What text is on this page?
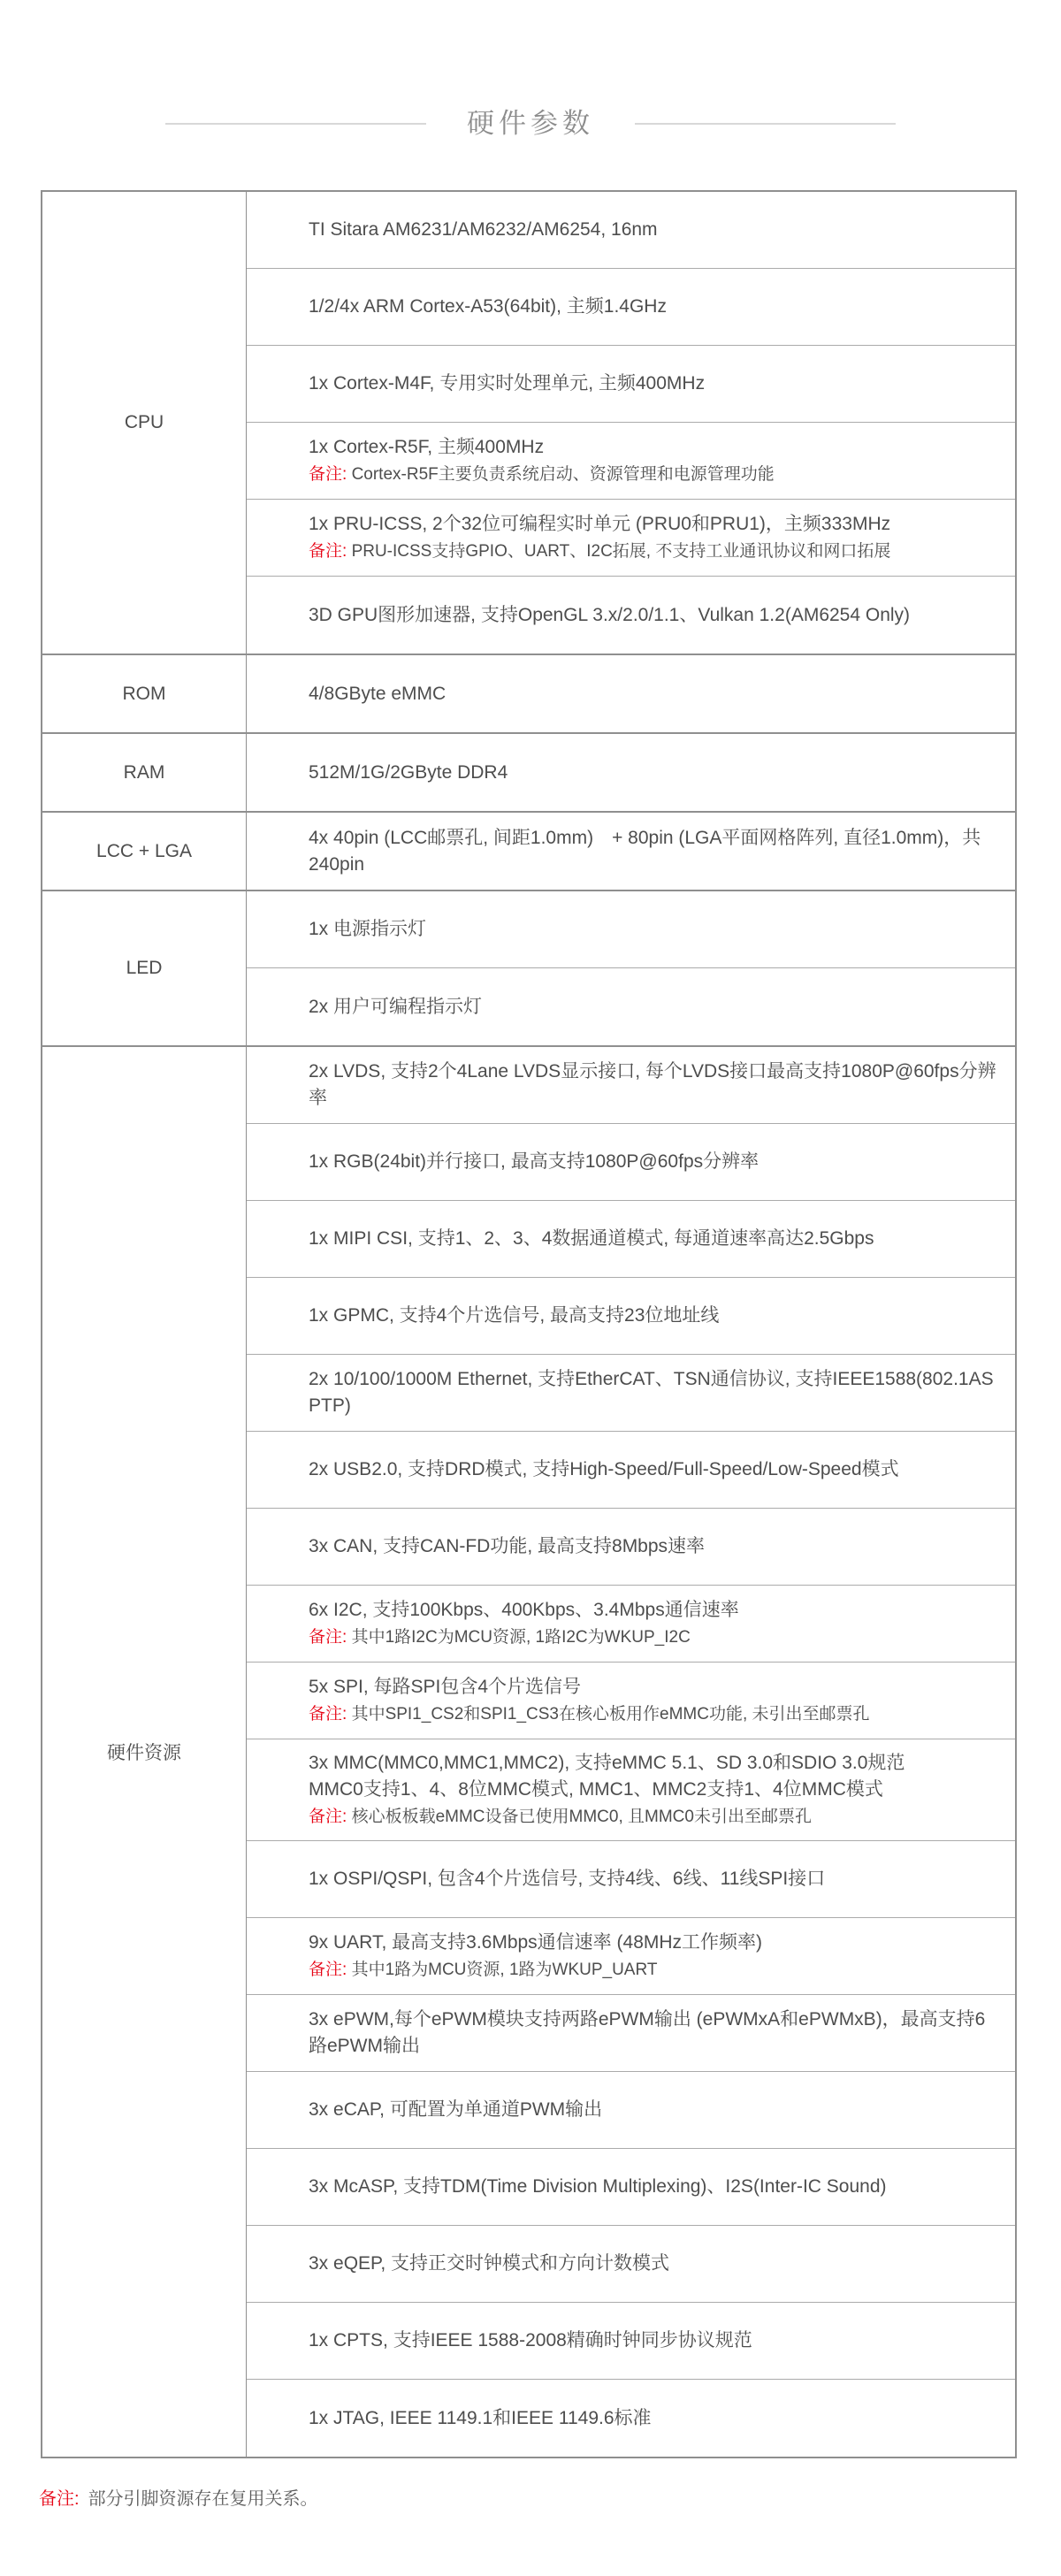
硬件参数
CPU
TI Sitara AM6231/AM6232/AM6254, 16nm
1/2/4x ARM Cortex-A53(64bit), 主频1.4GHz
1x Cortex-M4F, 专用实时处理单元, 主频400MHz
1x Cortex-R5F, 主频400MHz
备注: Cortex-R5F主要负责系统启动、资源管理和电源管理功能
1x PRU-ICSS, 2个32位可编程实时单元 (PRU0和PRU1)，主频333MHz
备注: PRU-ICSS支持GPIO、UART、I2C拓展, 不支持工业通讯协议和网口拓展
3D GPU图形加速器, 支持OpenGL 3.x/2.0/1.1、Vulkan 1.2(AM6254 Only)
ROM	4/8GByte eMMC
RAM	512M/1G/2GByte DDR4
LCC + LGA
4x 40pin (LCC邮票孔, 间距1.0mm)　+ 80pin (LGA平面网格阵列, 直径1.0mm)，共240pin
LED
1x 电源指示灯
2x 用户可编程指示灯
硬件资源
2x LVDS, 支持2个4Lane LVDS显示接口, 每个LVDS接口最高支持1080P@60fps分辨率
1x RGB(24bit)并行接口, 最高支持1080P@60fps分辨率
1x MIPI CSI, 支持1、2、3、4数据通道模式, 每通道速率高达2.5Gbps
1x GPMC, 支持4个片选信号, 最高支持23位地址线
2x 10/100/1000M Ethernet, 支持EtherCAT、TSN通信协议, 支持IEEE1588(802.1AS PTP)
2x USB2.0, 支持DRD模式, 支持High-Speed/Full-Speed/Low-Speed模式
3x CAN, 支持CAN-FD功能, 最高支持8Mbps速率
6x I2C, 支持100Kbps、400Kbps、3.4Mbps通信速率
备注: 其中1路I2C为MCU资源, 1路I2C为WKUP_I2C
5x SPI, 每路SPI包含4个片选信号
备注: 其中SPI1_CS2和SPI1_CS3在核心板用作eMMC功能, 未引出至邮票孔
3x MMC(MMC0,MMC1,MMC2), 支持eMMC 5.1、SD 3.0和SDIO 3.0规范
MMC0支持1、4、8位MMC模式, MMC1、MMC2支持1、4位MMC模式
备注: 核心板板载eMMC设备已使用MMC0, 且MMC0未引出至邮票孔
1x OSPI/QSPI, 包含4个片选信号, 支持4线、6线、11线SPI接口
9x UART, 最高支持3.6Mbps通信速率 (48MHz工作频率)
备注: 其中1路为MCU资源, 1路为WKUP_UART
3x ePWM,每个ePWM模块支持两路ePWM输出 (ePWMxA和ePWMxB)，最高支持6路ePWM输出
3x eCAP, 可配置为单通道PWM输出
3x McASP, 支持TDM(Time Division Multiplexing)、I2S(Inter-IC Sound)
3x eQEP, 支持正交时钟模式和方向计数模式
1x CPTS, 支持IEEE 1588-2008精确时钟同步协议规范
1x JTAG, IEEE 1149.1和IEEE 1149.6标准
备注: 部分引脚资源存在复用关系。
